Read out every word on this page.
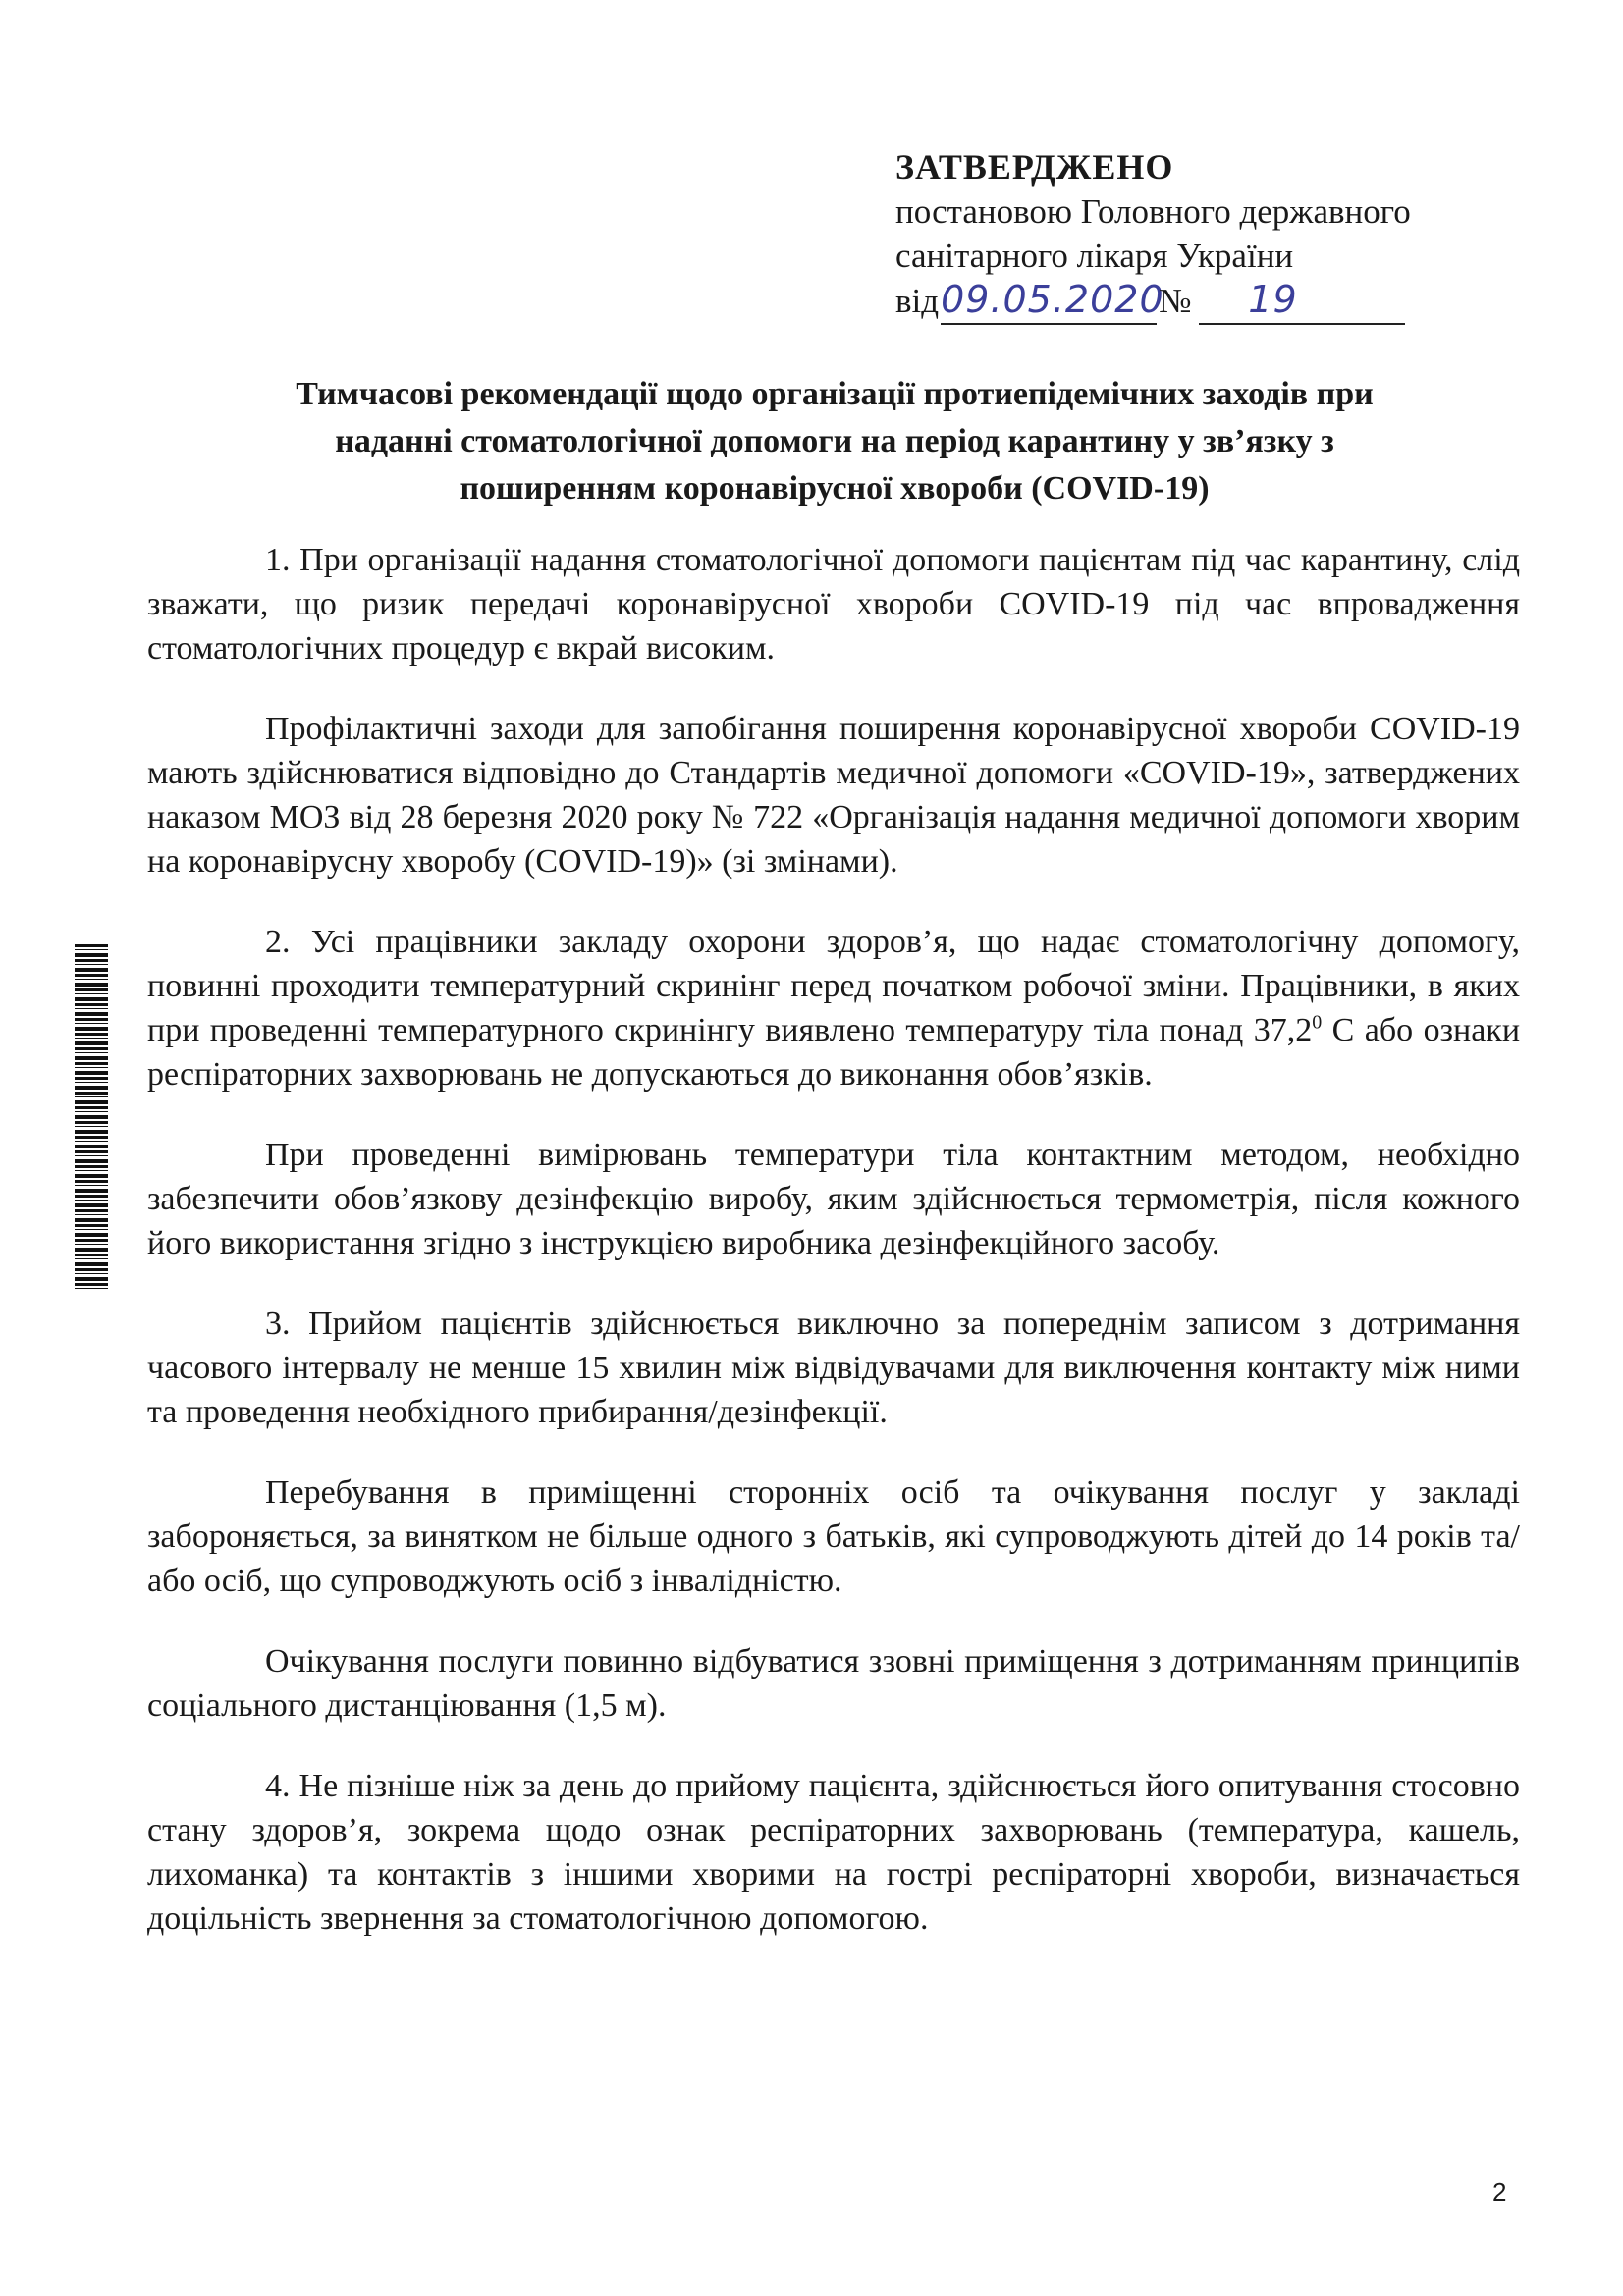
ЗАТВЕРДЖЕНО
постановою Головного державного
санітарного лікаря України
від09.05.2020№ 19
Тимчасові рекомендації щодо організації протиепідемічних заходів при
наданні стоматологічної допомоги на період карантину у зв’язку з
поширенням коронавірусної хвороби (COVID-19)

1. При організації надання стоматологічної допомоги пацієнтам під час карантину, слід зважати, що ризик передачі коронавірусної хвороби COVID-19 під час впровадження стоматологічних процедур є вкрай високим.

Профілактичні заходи для запобігання поширення коронавірусної хвороби COVID-19 мають здійснюватися відповідно до Стандартів медичної допомоги «COVID-19», затверджених наказом МОЗ від 28 березня 2020 року № 722 «Організація надання медичної допомоги хворим на коронавірусну хворобу (COVID-19)» (зі змінами).

2. Усі працівники закладу охорони здоров’я, що надає стоматологічну допомогу, повинні проходити температурний скринінг перед початком робочої зміни. Працівники, в яких при проведенні температурного скринінгу виявлено температуру тіла понад 37,2$^0$ С або ознаки респіраторних захворювань не допускаються до виконання обов’язків.

При проведенні вимірювань температури тіла контактним методом, необхідно забезпечити обов’язкову дезінфекцію виробу, яким здійснюється термометрія, після кожного його використання згідно з інструкцією виробника дезінфекційного засобу.

3. Прийом пацієнтів здійснюється виключно за попереднім записом з дотримання часового інтервалу не менше 15 хвилин між відвідувачами для виключення контакту між ними та проведення необхідного прибирання/дезінфекції.

Перебування в приміщенні сторонніх осіб та очікування послуг у закладі забороняється, за винятком не більше одного з батьків, які супроводжують дітей до 14 років та/або осіб, що супроводжують осіб з інвалідністю.

Очікування послуги повинно відбуватися ззовні приміщення з дотриманням принципів соціального дистанціювання (1,5 м).

4. Не пізніше ніж за день до прийому пацієнта, здійснюється його опитування стосовно стану здоров’я, зокрема щодо ознак респіраторних захворювань (температура, кашель, лихоманка) та контактів з іншими хворими на гострі респіраторні хвороби, визначається доцільність звернення за стоматологічною допомогою.

2
